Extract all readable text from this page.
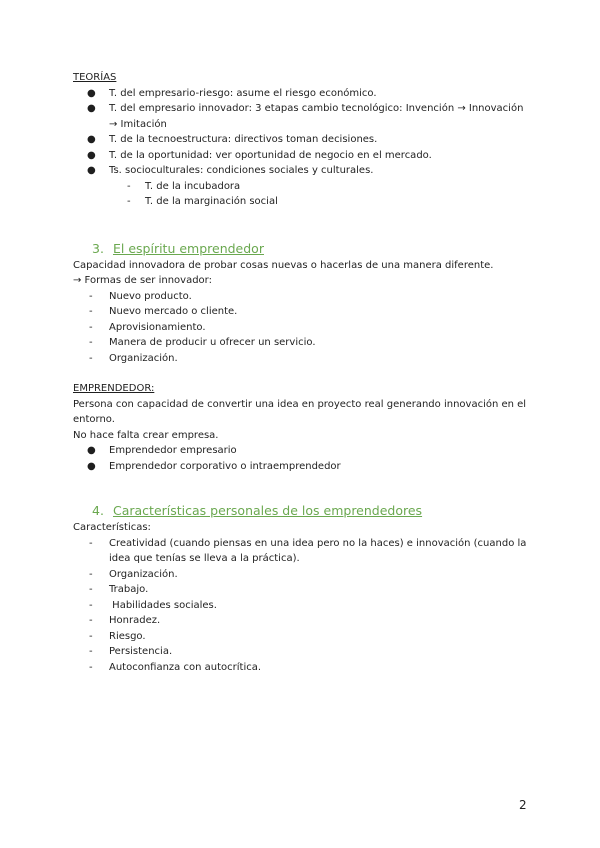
TEORÍAS

● T. del empresario-riesgo: asume el riesgo económico.
● T. del empresario innovador: 3 etapas cambio tecnológico: Invención → Innovación → Imitación
● T. de la tecnoestructura: directivos toman decisiones.
● T. de la oportunidad: ver oportunidad de negocio en el mercado.
● Ts. socioculturales: condiciones sociales y culturales.
- T. de la incubadora
- T. de la marginación social
3. El espíritu emprendedor

Capacidad innovadora de probar cosas nuevas o hacerlas de una manera diferente.

→ Formas de ser innovador:

- Nuevo producto.
- Nuevo mercado o cliente.
- Aprovisionamiento.
- Manera de producir u ofrecer un servicio.
- Organización.

EMPRENDEDOR:

Persona con capacidad de convertir una idea en proyecto real generando innovación en el entorno.

No hace falta crear empresa.

● Emprendedor empresario
● Emprendedor corporativo o intraemprendedor
4. Características personales de los emprendedores

Características:

- Creatividad (cuando piensas en una idea pero no la haces) e innovación (cuando la idea que tenías se lleva a la práctica).
- Organización.
- Trabajo.
- Habilidades sociales.
- Honradez.
- Riesgo.
- Persistencia.
- Autoconfianza con autocrítica.
2
